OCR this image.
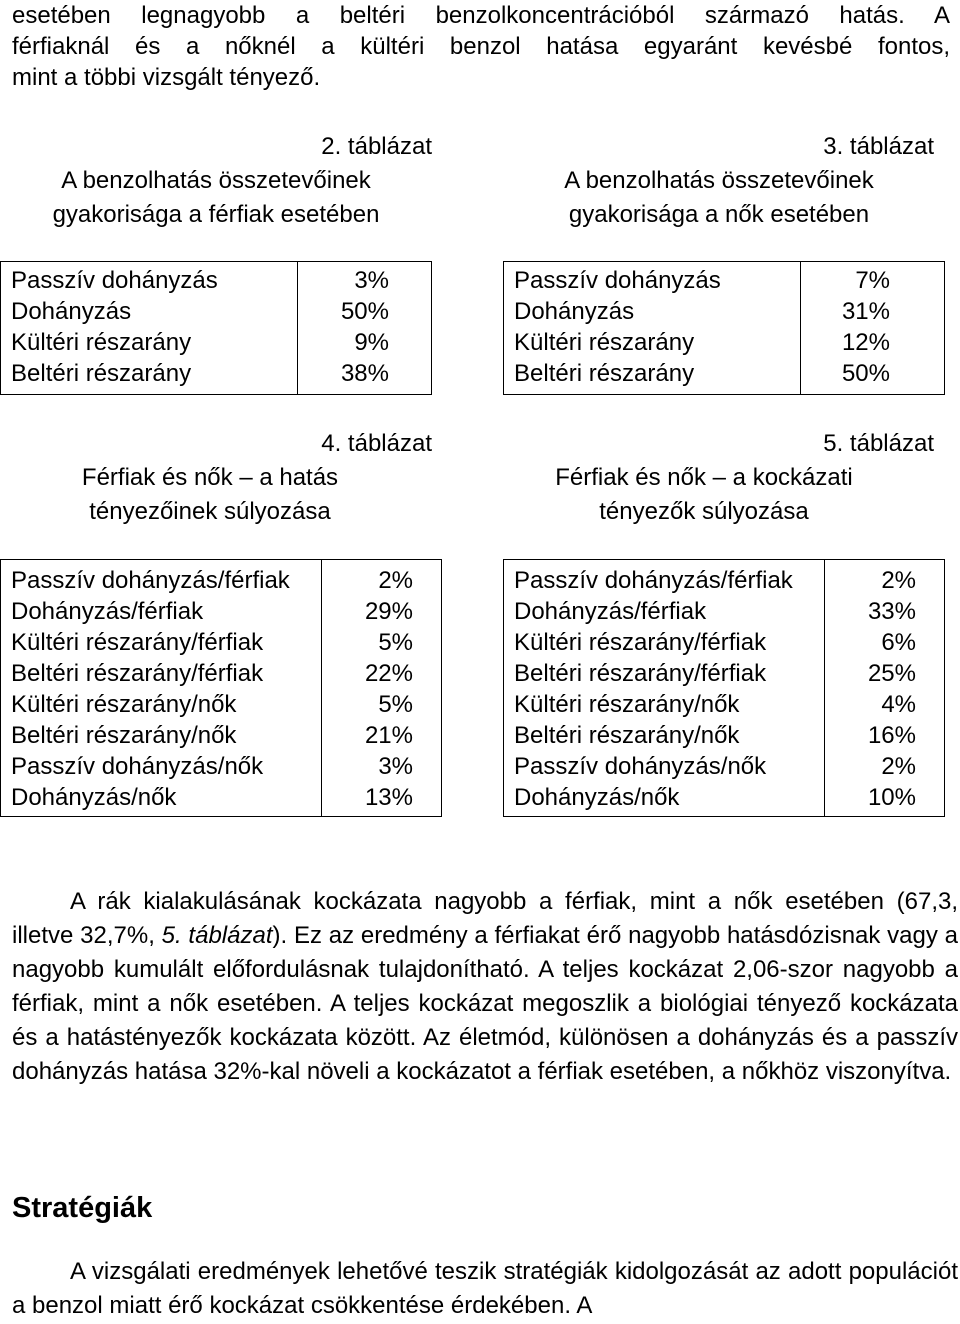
esetében legnagyobb a beltéri benzolkoncentrációból származó hatás. A

férfiaknál és a nőknél a kültéri benzol hatása egyaránt kevésbé fontos,

mint a többi vizsgált tényező.

2. táblázat
A benzolhatás összetevőinek
gyakorisága a férfiak esetében
3. táblázat
A benzolhatás összetevőinek
gyakorisága a nők esetében
Passzív dohányzás	3%
Dohányzás	50%
Kültéri részarány	9%
Beltéri részarány	38%
Passzív dohányzás	7%
Dohányzás	31%
Kültéri részarány	12%
Beltéri részarány	50%
4. táblázat
Férfiak és nők – a hatás
tényezőinek súlyozása
5. táblázat
Férfiak és nők – a kockázati
tényezők súlyozása
Passzív dohányzás/férfiak	2%
Dohányzás/férfiak	29%
Kültéri részarány/férfiak	5%
Beltéri részarány/férfiak	22%
Kültéri részarány/nők	5%
Beltéri részarány/nők	21%
Passzív dohányzás/nők	3%
Dohányzás/nők	13%
Passzív dohányzás/férfiak	2%
Dohányzás/férfiak	33%
Kültéri részarány/férfiak	6%
Beltéri részarány/férfiak	25%
Kültéri részarány/nők	4%
Beltéri részarány/nők	16%
Passzív dohányzás/nők	2%
Dohányzás/nők	10%

A rák kialakulásának kockázata nagyobb a férfiak, mint a nők esetében (67,3, illetve 32,7%, 5. táblázat). Ez az eredmény a férfiakat érő nagyobb hatásdózisnak vagy a nagyobb kumulált előfordulásnak tulajdonítható. A teljes kockázat 2,06-szor nagyobb a férfiak, mint a nők esetében. A teljes kockázat megoszlik a biológiai tényező kockázata és a hatástényezők kockázata között. Az életmód, különösen a dohányzás és a passzív dohányzás hatása 32%-kal növeli a kockázatot a férfiak esetében, a nőkhöz viszonyítva.

Stratégiák

A vizsgálati eredmények lehetővé teszik stratégiák kidolgozását az adott populációt a benzol miatt érő kockázat csökkentése érdekében. A
